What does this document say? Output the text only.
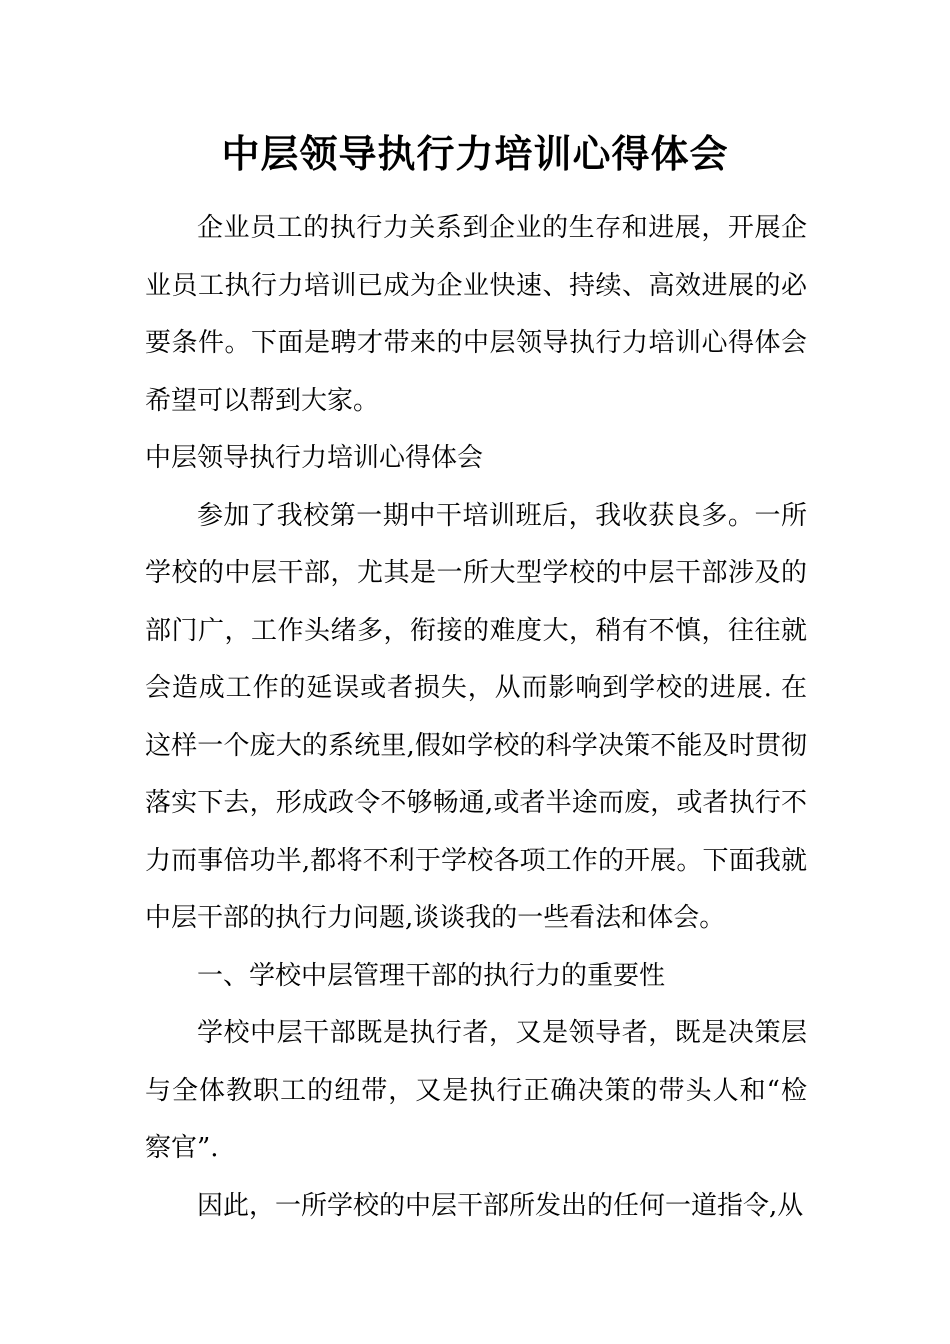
中层领导执行力培训心得体会

企业员工的执行力关系到企业的生存和进展，开展企业员工执行力培训已成为企业快速、持续、高效进展的必要条件。下面是聘才带来的中层领导执行力培训心得体会希望可以帮到大家。

中层领导执行力培训心得体会

参加了我校第一期中干培训班后，我收获良多。一所学校的中层干部，尤其是一所大型学校的中层干部涉及的部门广，工作头绪多，衔接的难度大，稍有不慎，往往就会造成工作的延误或者损失，从而影响到学校的进展. 在这样一个庞大的系统里,假如学校的科学决策不能及时贯彻落实下去，形成政令不够畅通,或者半途而废，或者执行不力而事倍功半,都将不利于学校各项工作的开展。下面我就中层干部的执行力问题,谈谈我的一些看法和体会。

一、学校中层管理干部的执行力的重要性

学校中层干部既是执行者，又是领导者，既是决策层与全体教职工的纽带，又是执行正确决策的带头人和“检察官”.

因此，一所学校的中层干部所发出的任何一道指令,从
